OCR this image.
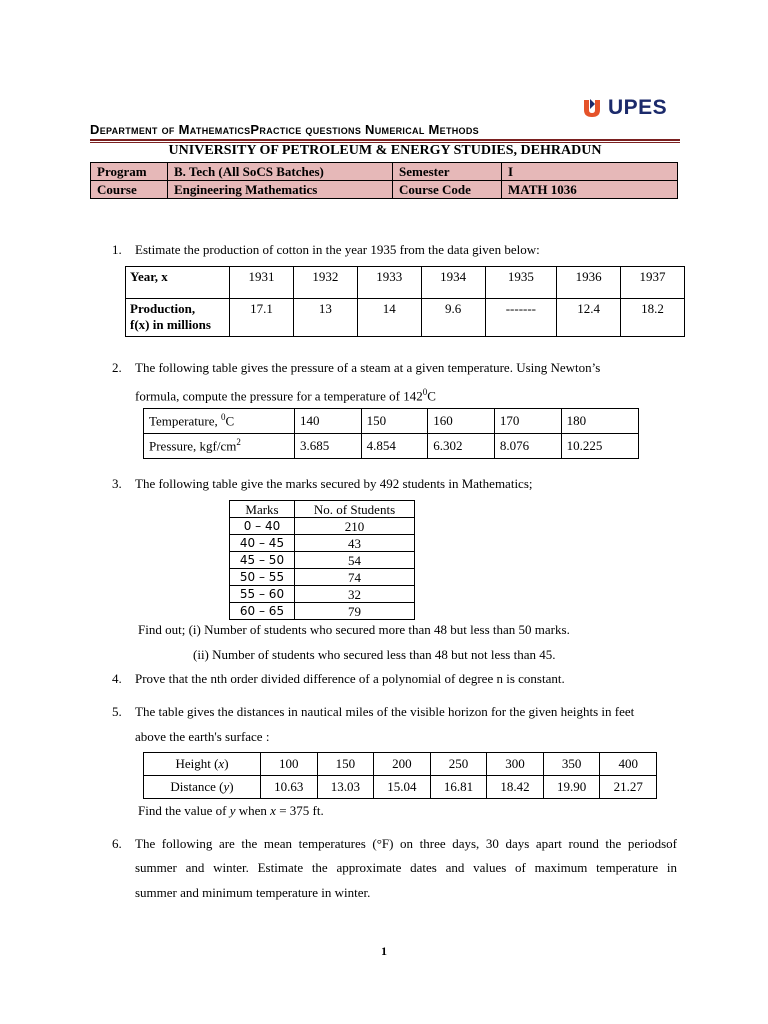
UPES
Department of MathematicsPractice questions Numerical Methods
UNIVERSITY OF PETROLEUM & ENERGY STUDIES, DEHRADUN
Program	B. Tech (All SoCS Batches)	Semester	I
Course	Engineering Mathematics	Course Code	MATH 1036
1. Estimate the production of cotton in the year 1935 from the data given below:
Year, x	1931	1932	1933	1934	1935	1936	1937

Production,
f(x) in millions	17.1	13	14	9.6	-------	12.4	18.2
2. The following table gives the pressure of a steam at a given temperature. Using Newton’s
formula, compute the pressure for a temperature of $142^0C$
Temperature, $^0$C	140	150	160	170	180
Pressure, kgf/$cm^2$	3.685	4.854	6.302	8.076	10.225
3. The following table give the marks secured by 492 students in Mathematics;
Marks	No. of Students
0 – 40	210
40 – 45	43
45 – 50	54
50 – 55	74
55 – 60	32
60 – 65	79
Find out; (i) Number of students who secured more than 48 but less than 50 marks.
(ii) Number of students who secured less than 48 but not less than 45.
4. Prove that the nth order divided difference of a polynomial of degree n is constant.
5. The table gives the distances in nautical miles of the visible horizon for the given heights in feet
above the earth's surface :
Height (x)	100	150	200	250	300	350	400
Distance (y)	10.63	13.03	15.04	16.81	18.42	19.90	21.27
Find the value of y when x = 375 ft.
6. The following are the mean temperatures (°F) on three days, 30 days apart round the periodsof
summer and winter. Estimate the approximate dates and values of maximum temperature in
summer and minimum temperature in winter.
1
